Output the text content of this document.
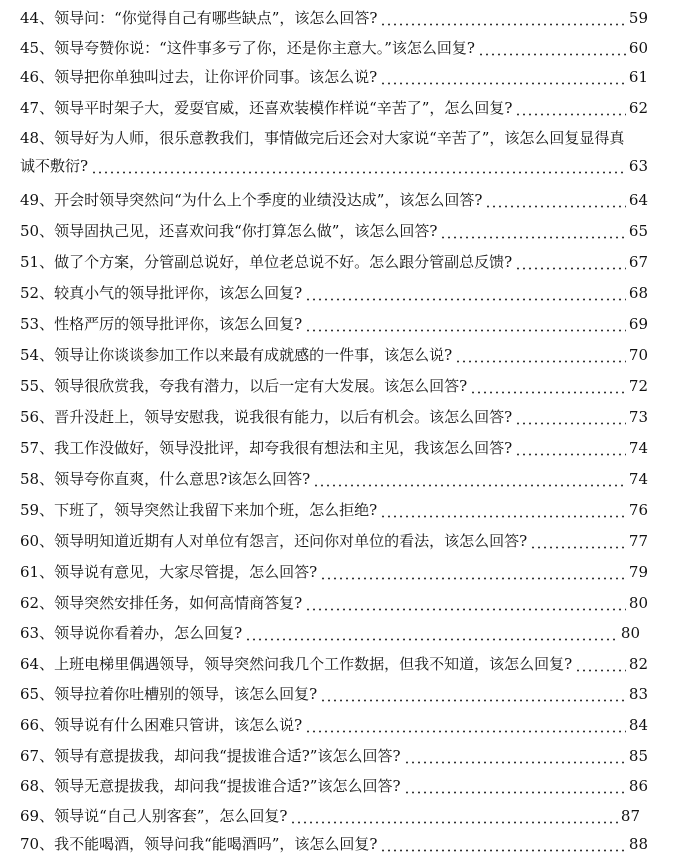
44、领导问：“你觉得自己有哪些缺点”，该怎么回答?	59
45、领导夸赞你说：“这件事多亏了你，还是你主意大。”该怎么回复?	60
46、领导把你单独叫过去，让你评价同事。该怎么说?	61
47、领导平时架子大，爱耍官威，还喜欢装模作样说“辛苦了”，怎么回复?	62
48、领导好为人师，很乐意教我们，事情做完后还会对大家说“辛苦了”，该怎么回复显得真
诚不敷衍?	63
49、开会时领导突然问“为什么上个季度的业绩没达成”，该怎么回答?	64
50、领导固执己见，还喜欢问我“你打算怎么做”，该怎么回答?	65
51、做了个方案，分管副总说好，单位老总说不好。怎么跟分管副总反馈?	67
52、较真小气的领导批评你，该怎么回复?	68
53、性格严厉的领导批评你，该怎么回复?	69
54、领导让你谈谈参加工作以来最有成就感的一件事，该怎么说?	70
55、领导很欣赏我，夸我有潜力，以后一定有大发展。该怎么回答?	72
56、晋升没赶上，领导安慰我，说我很有能力，以后有机会。该怎么回答?	73
57、我工作没做好，领导没批评，却夸我很有想法和主见，我该怎么回答?	74
58、领导夸你直爽，什么意思?该怎么回答?	74
59、下班了，领导突然让我留下来加个班，怎么拒绝?	76
60、领导明知道近期有人对单位有怨言，还问你对单位的看法，该怎么回答?	77
61、领导说有意见，大家尽管提，怎么回答?	79
62、领导突然安排任务，如何高情商答复?	80
63、领导说你看着办，怎么回复?	80
64、上班电梯里偶遇领导，领导突然问我几个工作数据，但我不知道，该怎么回复?	82
65、领导拉着你吐槽别的领导，该怎么回复?	83
66、领导说有什么困难只管讲，该怎么说?	84
67、领导有意提拔我，却问我“提拔谁合适?”该怎么回答?	85
68、领导无意提拔我，却问我“提拔谁合适?”该怎么回答?	86
69、领导说“自己人别客套”，怎么回复?	87
70、我不能喝酒，领导问我“能喝酒吗”，该怎么回复?	88
